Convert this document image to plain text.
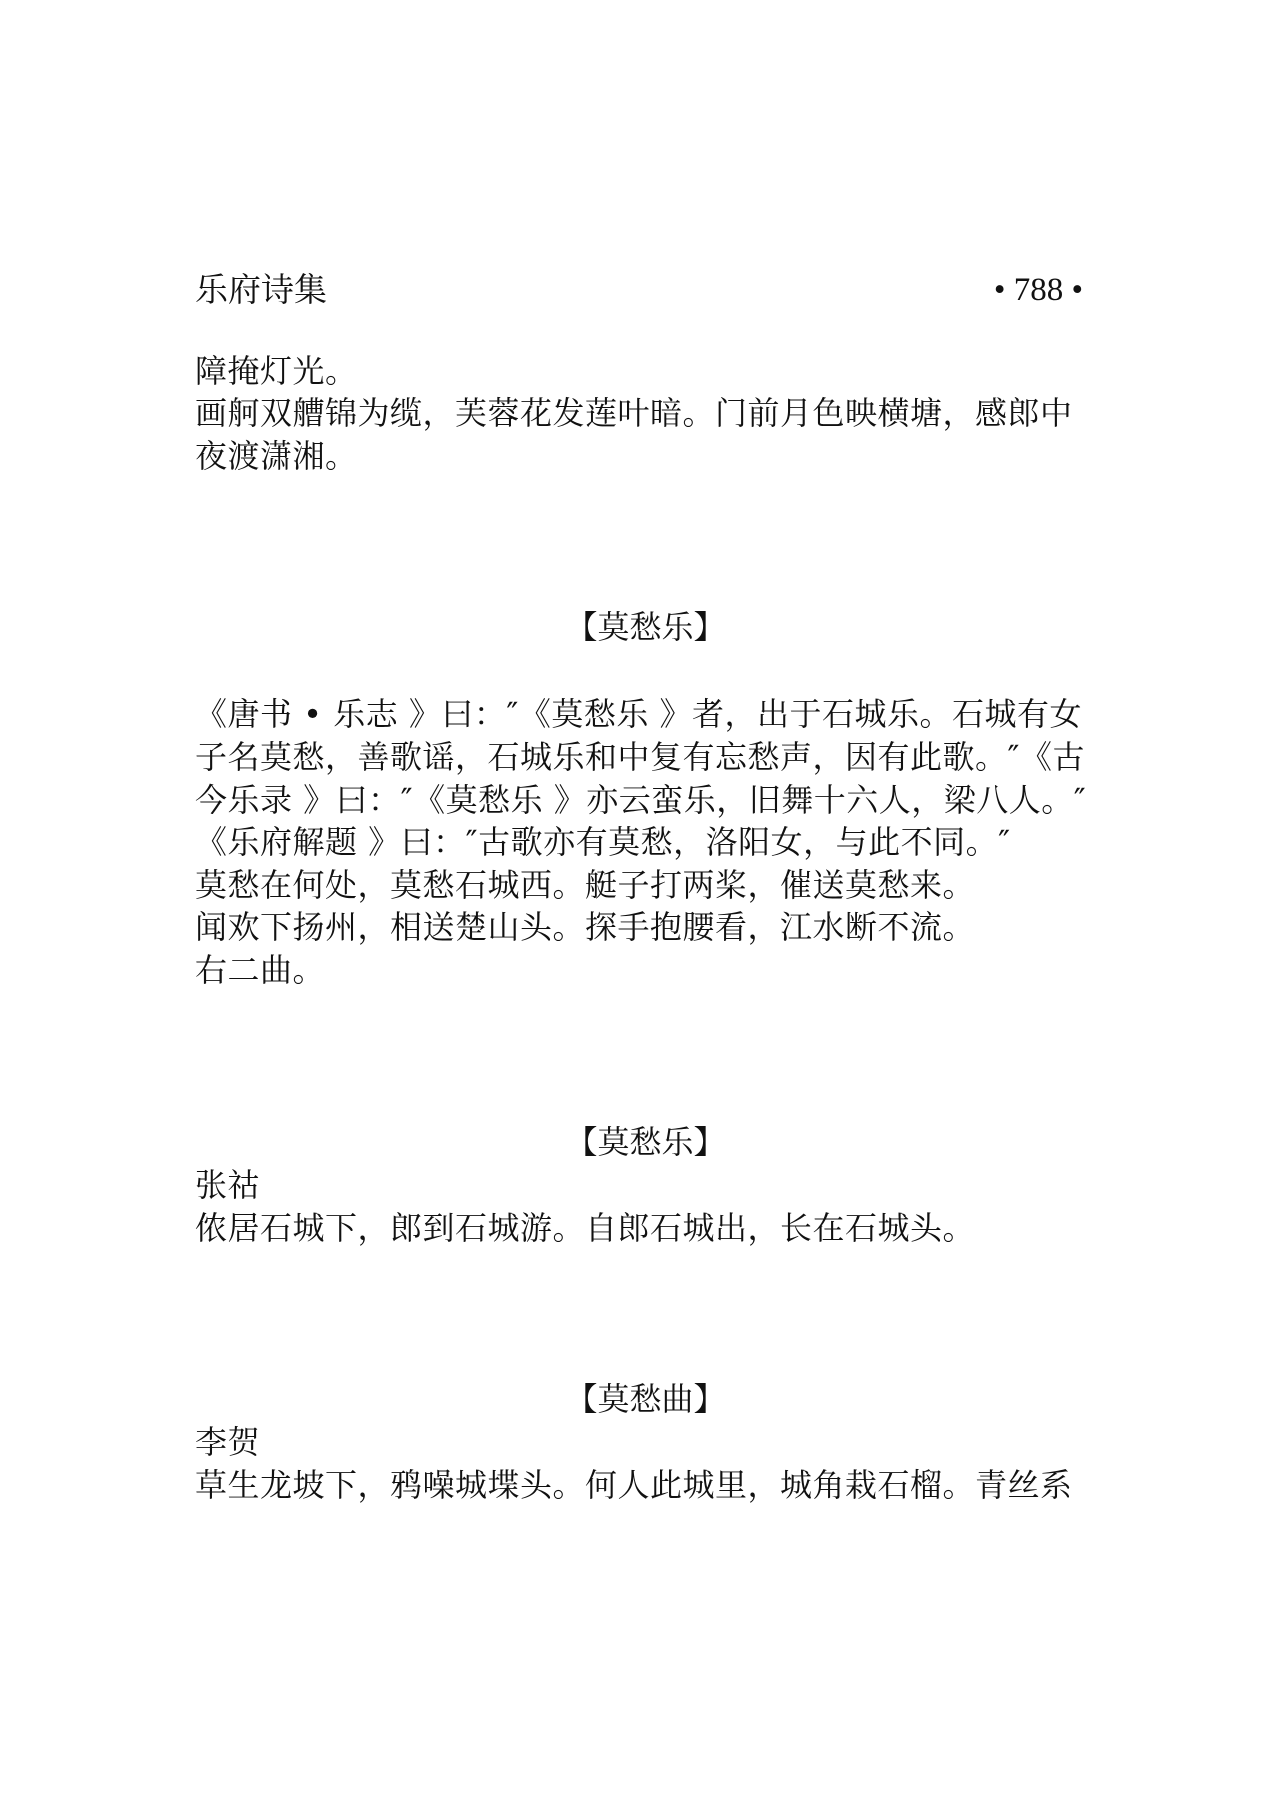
乐府诗集	• 788 •
障掩灯光。
画舸双艚锦为缆，芙蓉花发莲叶暗。门前月色映横塘，感郎中
夜渡潇湘。
【莫愁乐】
《唐书 • 乐志 》曰：″《莫愁乐 》者，出于石城乐。石城有女
子名莫愁，善歌谣，石城乐和中复有忘愁声，因有此歌。″《古
今乐录 》曰：″《莫愁乐 》亦云蛮乐，旧舞十六人，梁八人。″
《乐府解题 》曰：″古歌亦有莫愁，洛阳女，与此不同。″
莫愁在何处，莫愁石城西。艇子打两桨，催送莫愁来。
闻欢下扬州，相送楚山头。探手抱腰看，江水断不流。
右二曲。
【莫愁乐】
张祜
侬居石城下，郎到石城游。自郎石城出，长在石城头。
【莫愁曲】
李贺
草生龙坡下，鸦噪城堞头。何人此城里，城角栽石榴。青丝系
